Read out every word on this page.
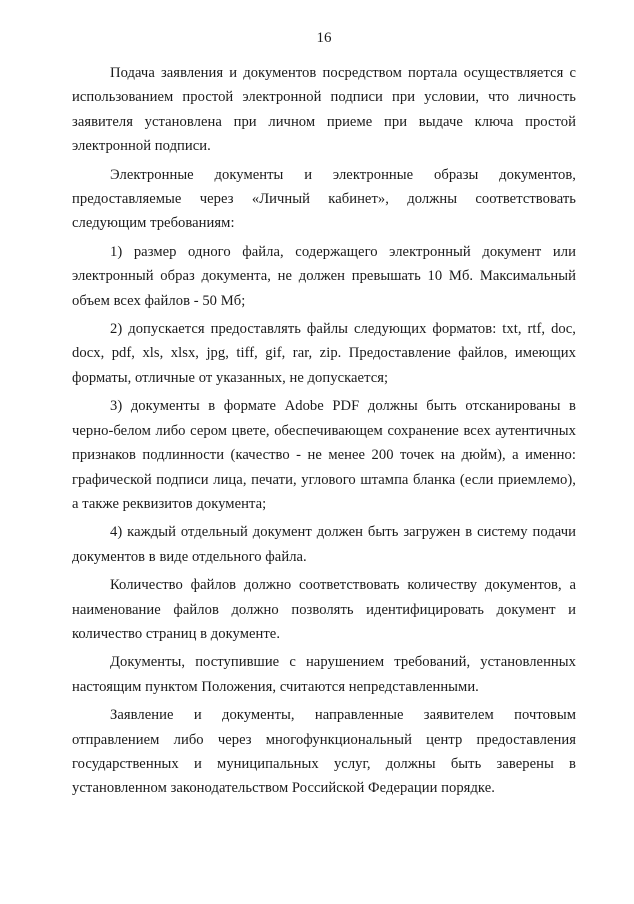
16

Подача заявления и документов посредством портала осуществляется с использованием простой электронной подписи при условии, что личность заявителя установлена при личном приеме при выдаче ключа простой электронной подписи.

Электронные документы и электронные образы документов, предоставляемые через «Личный кабинет», должны соответствовать следующим требованиям:

1) размер одного файла, содержащего электронный документ или электронный образ документа, не должен превышать 10 Мб. Максимальный объем всех файлов - 50 Мб;

2) допускается предоставлять файлы следующих форматов: txt, rtf, doc, docx, pdf, xls, xlsx, jpg, tiff, gif, rar, zip. Предоставление файлов, имеющих форматы, отличные от указанных, не допускается;

3) документы в формате Adobe PDF должны быть отсканированы в черно-белом либо сером цвете, обеспечивающем сохранение всех аутентичных признаков подлинности (качество - не менее 200 точек на дюйм), а именно: графической подписи лица, печати, углового штампа бланка (если приемлемо), а также реквизитов документа;

4) каждый отдельный документ должен быть загружен в систему подачи документов в виде отдельного файла.

Количество файлов должно соответствовать количеству документов, а наименование файлов должно позволять идентифицировать документ и количество страниц в документе.

Документы, поступившие с нарушением требований, установленных настоящим пунктом Положения, считаются непредставленными.

Заявление и документы, направленные заявителем почтовым отправлением либо через многофункциональный центр предоставления государственных и муниципальных услуг, должны быть заверены в установленном законодательством Российской Федерации порядке.
